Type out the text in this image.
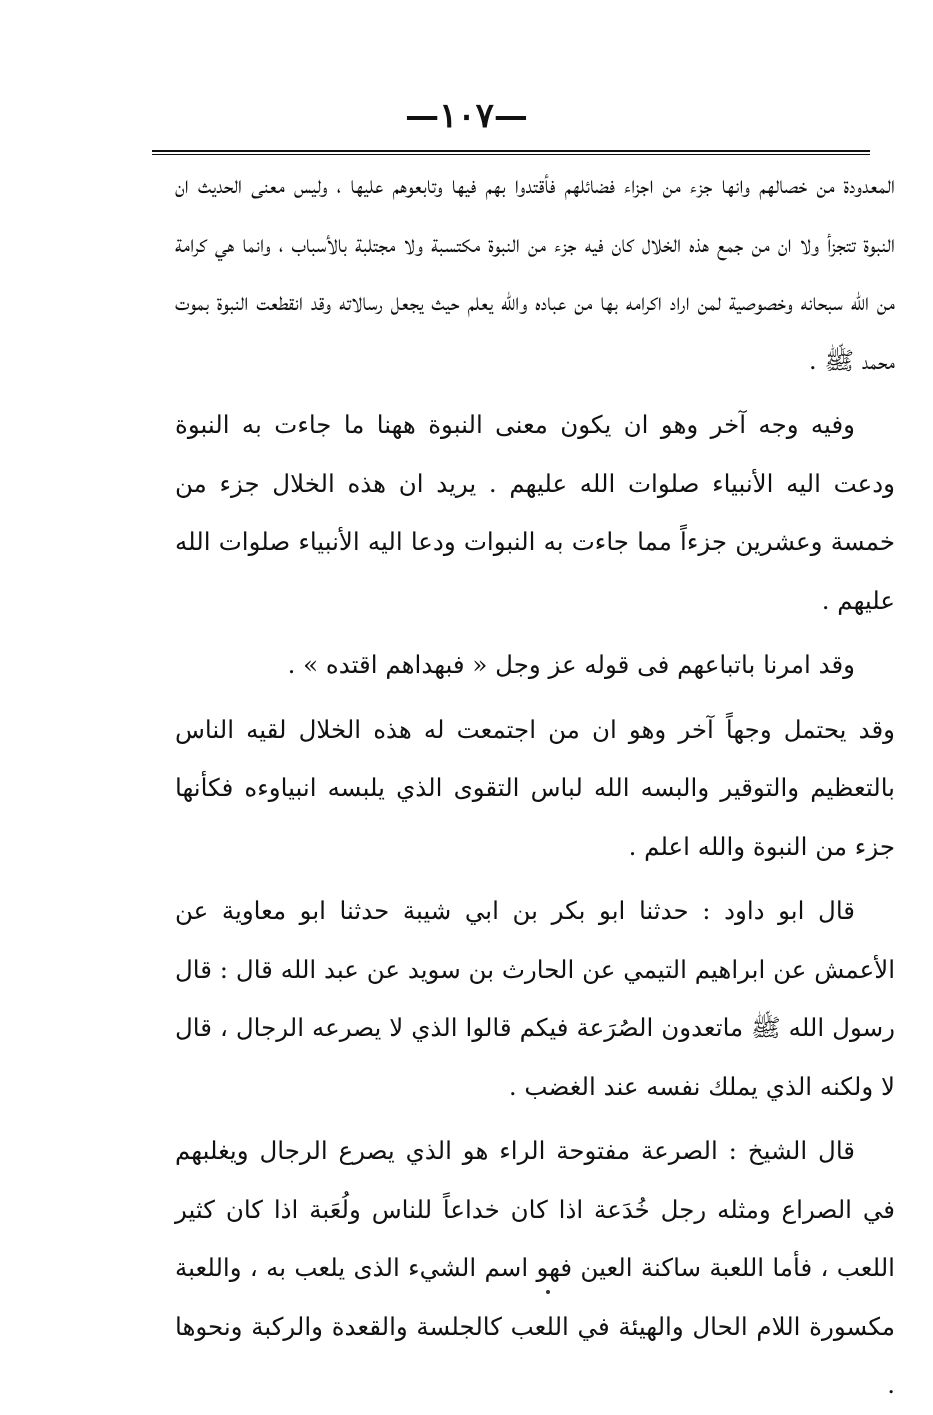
—١٠٧—

المعدودة من خصالهم وانها جزء من اجزاء فضائلهم فأقتدوا بهم فيها وتابعوهم عليها ، وليس معنى الحديث ان النبوة تتجزأ ولا ان من جمع هذه الخلال كان فيه جزء من النبوة مكتسبة ولا مجتلبة بالأسباب ، وانما هي كرامة من الله سبحانه وخصوصية لمن اراد اكرامه بها من عباده والله يعلم حيث يجعل رسالاته وقد انقطعت النبوة بموت محمد ﷺ .

وفيه وجه آخر وهو ان يكون معنى النبوة ههنا ما جاءت به النبوة ودعت اليه الأنبياء صلوات الله عليهم . يريد ان هذه الخلال جزء من خمسة وعشرين جزءاً مما جاءت به النبوات ودعا اليه الأنبياء صلوات الله عليهم .

وقد امرنا باتباعهم فى قوله عز وجل « فبهداهم اقتده » .

وقد يحتمل وجهاً آخر وهو ان من اجتمعت له هذه الخلال لقيه الناس بالتعظيم والتوقير والبسه الله لباس التقوى الذي يلبسه انبياوءه فكأنها جزء من النبوة والله اعلم .

قال ابو داود : حدثنا ابو بكر بن ابي شيبة حدثنا ابو معاوية عن الأعمش عن ابراهيم التيمي عن الحارث بن سويد عن عبد الله قال : قال رسول الله ﷺ ماتعدون الصُرَعة فيكم قالوا الذي لا يصرعه الرجال ، قال لا ولكنه الذي يملك نفسه عند الغضب .

قال الشيخ : الصرعة مفتوحة الراء هو الذي يصرع الرجال ويغلبهم في الصراع ومثله رجل خُدَعة اذا كان خداعاً للناس ولُعَبة اذا كان كثير اللعب ، فأما اللعبة ساكنة العين فهو اسم الشيء الذى يلعب به ، واللعبة مكسورة اللام الحال والهيئة في اللعب كالجلسة والقعدة والركبة ونحوها .
